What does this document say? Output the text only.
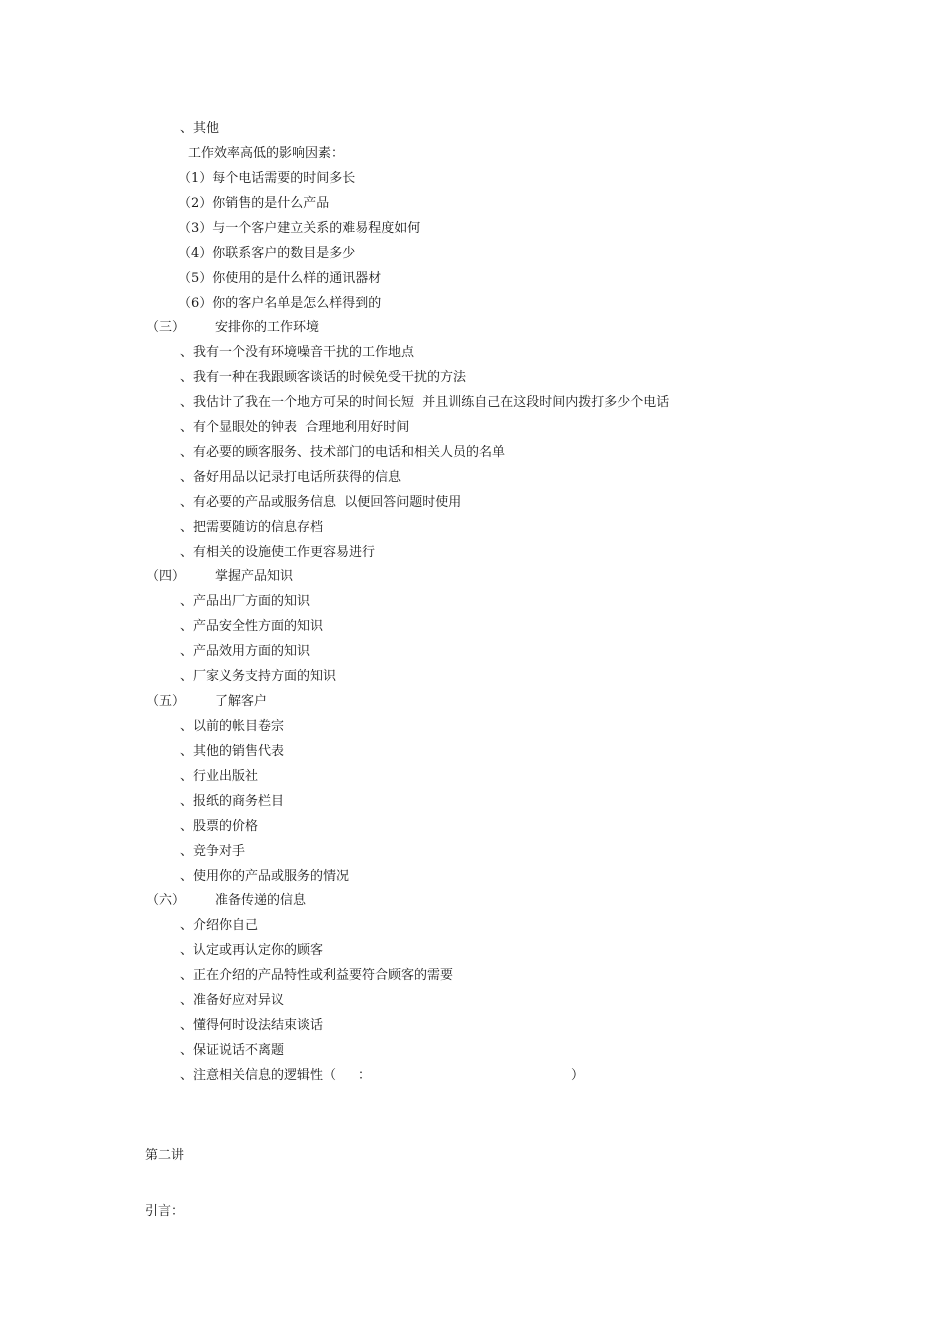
、其他
工作效率高低的影响因素：
（1）每个电话需要的时间多长
（2）你销售的是什么产品
（3）与一个客户建立关系的难易程度如何
（4）你联系客户的数目是多少
（5）你使用的是什么样的通讯器材
（6）你的客户名单是怎么样得到的
（三） 安排你的工作环境
、我有一个没有环境噪音干扰的工作地点
、我有一种在我跟顾客谈话的时候免受干扰的方法
、我估计了我在一个地方可呆的时间长短  并且训练自己在这段时间内拨打多少个电话
、有个显眼处的钟表  合理地利用好时间
、有必要的顾客服务、技术部门的电话和相关人员的名单
、备好用品以记录打电话所获得的信息
、有必要的产品或服务信息  以便回答问题时使用
、把需要随访的信息存档
、有相关的设施使工作更容易进行
（四） 掌握产品知识
、产品出厂方面的知识
、产品安全性方面的知识
、产品效用方面的知识
、厂家义务支持方面的知识
（五） 了解客户
、以前的帐目卷宗
、其他的销售代表
、行业出版社
、报纸的商务栏目
、股票的价格
、竞争对手
、使用你的产品或服务的情况
（六） 准备传递的信息
、介绍你自己
、认定或再认定你的顾客
、正在介绍的产品特性或利益要符合顾客的需要
、准备好应对异议
、懂得何时设法结束谈话
、保证说话不离题
、注意相关信息的逻辑性（ ：	）
第二讲
引言：
